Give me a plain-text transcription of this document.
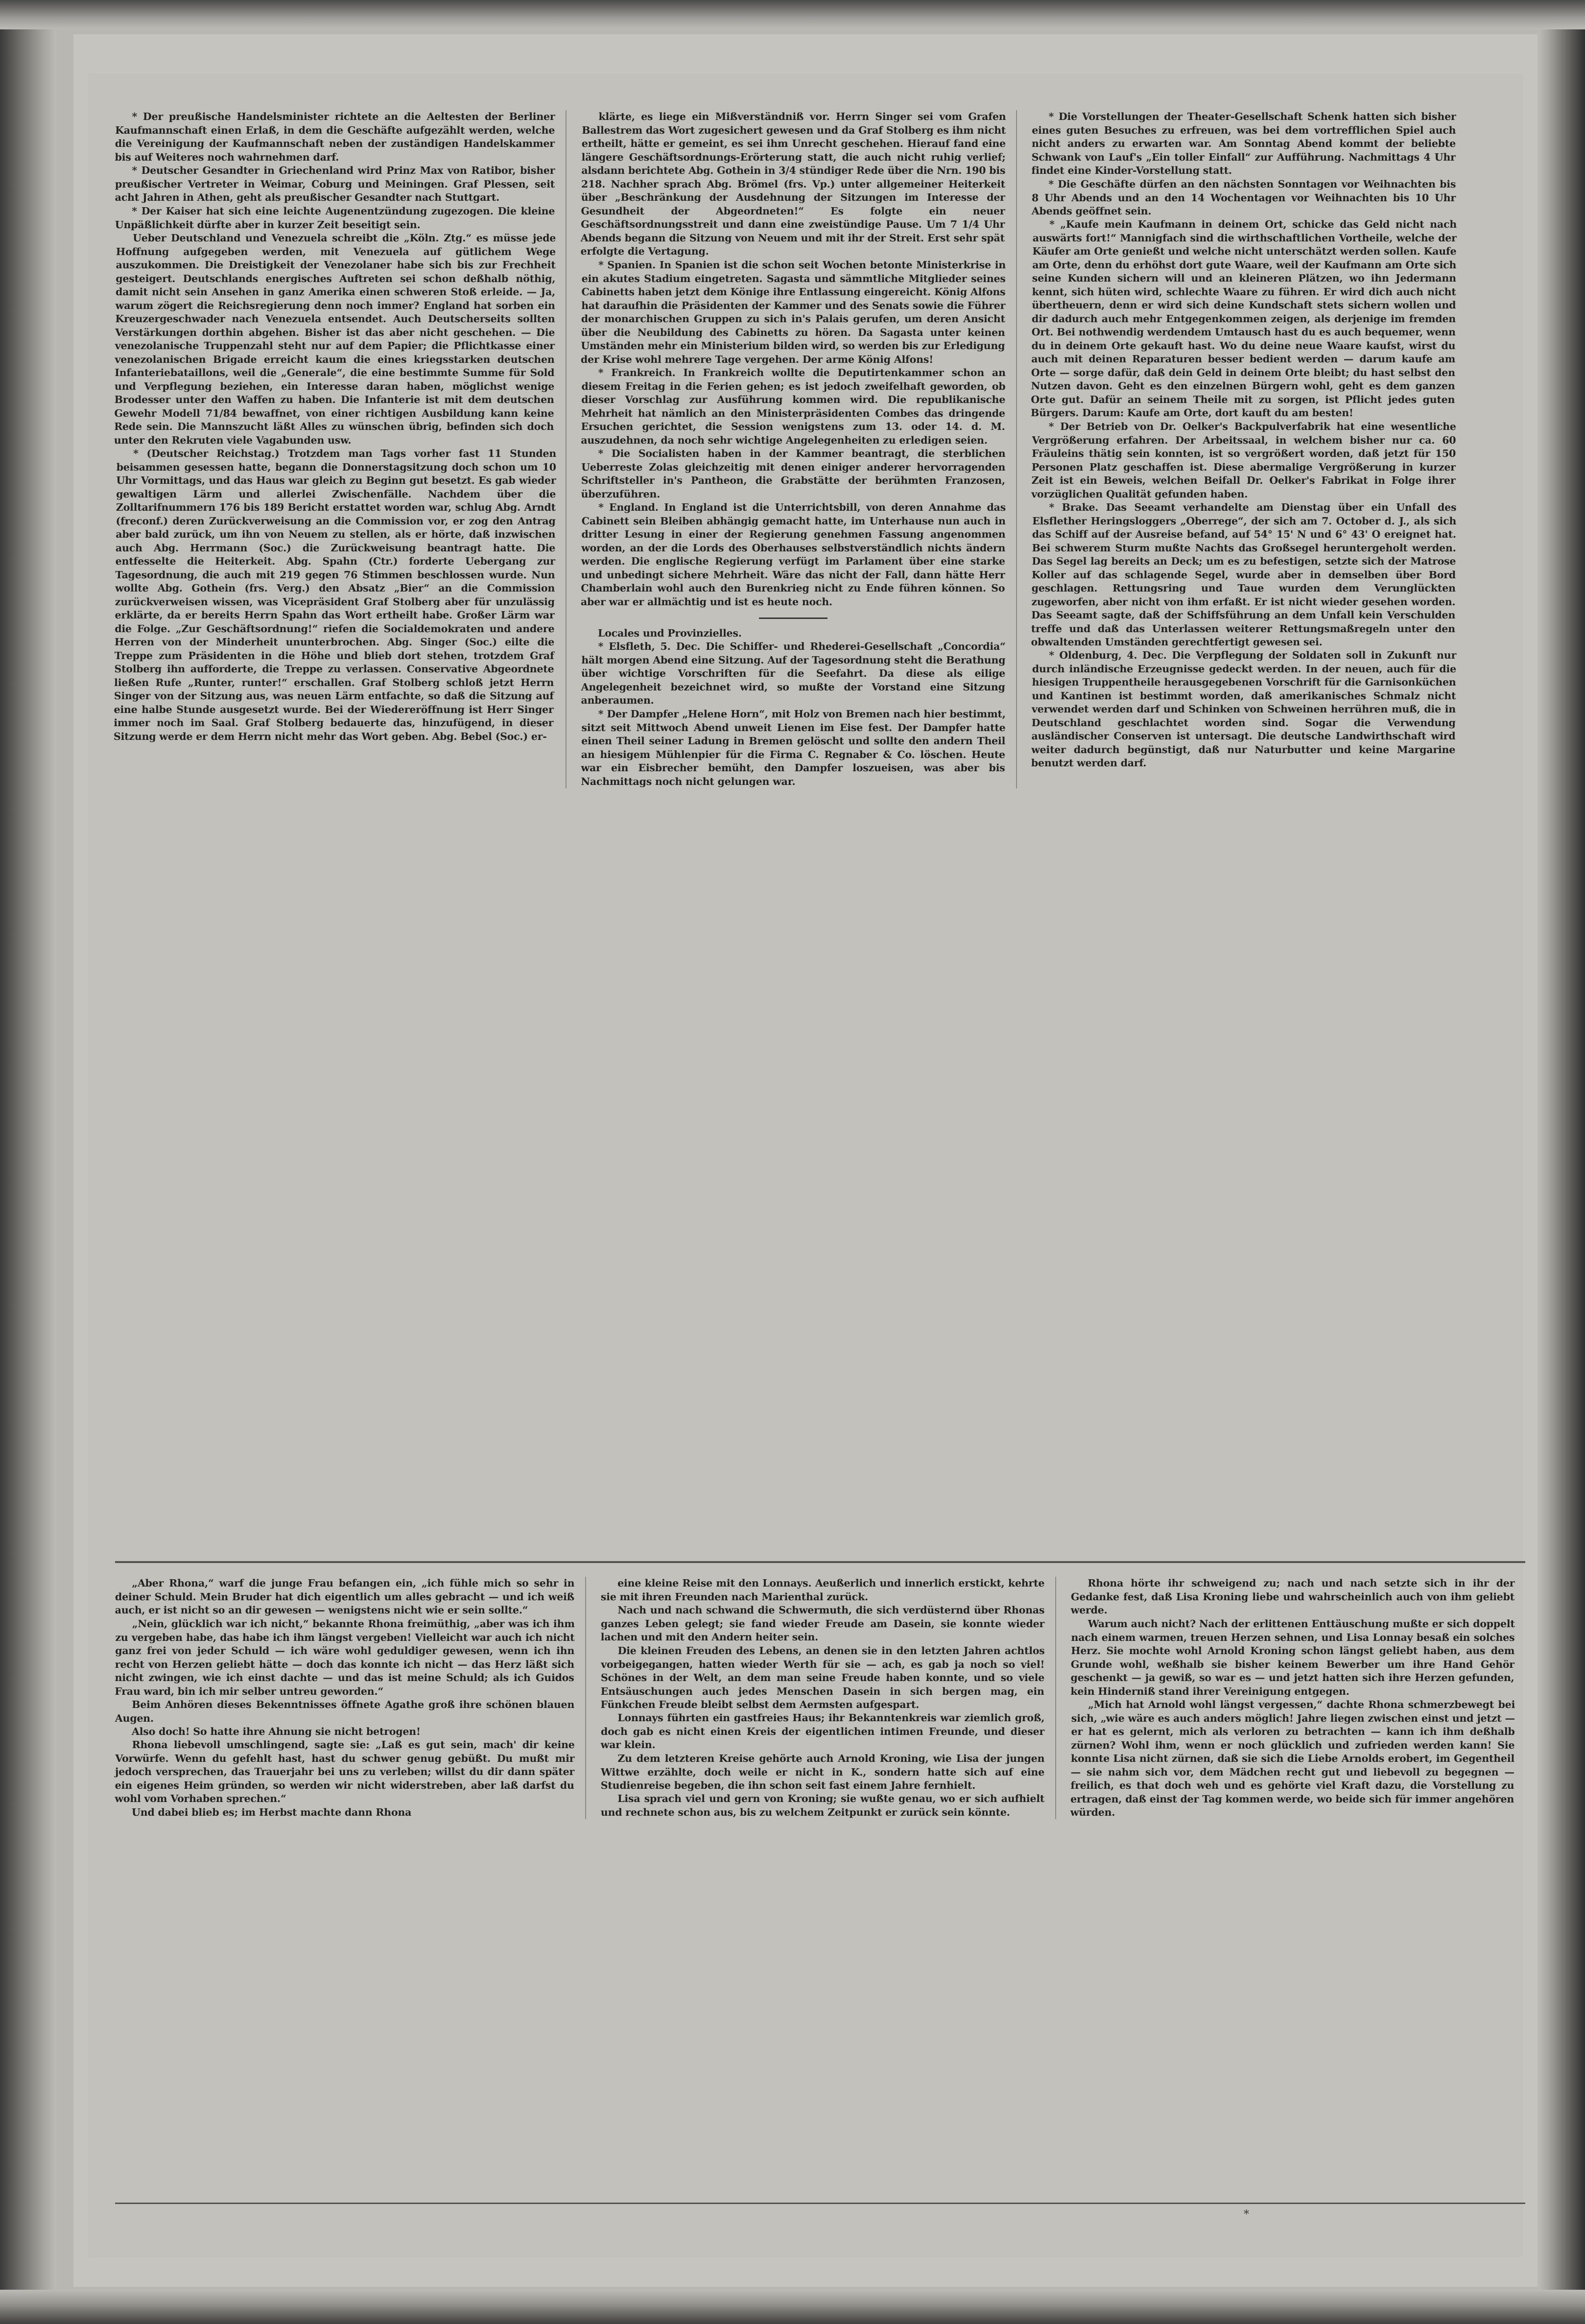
* Der preußische Handelsminister richtete an die Aeltesten der Berliner Kaufmannschaft einen Erlaß, in dem die Geschäfte aufgezählt werden, welche die Vereinigung der Kaufmannschaft neben der zuständigen Handelskammer bis auf Weiteres noch wahrnehmen darf.

* Deutscher Gesandter in Griechenland wird Prinz Max von Ratibor, bisher preußischer Vertreter in Weimar, Coburg und Meiningen. Graf Plessen, seit acht Jahren in Athen, geht als preußischer Gesandter nach Stuttgart.

* Der Kaiser hat sich eine leichte Augenentzündung zugezogen. Die kleine Unpäßlichkeit dürfte aber in kurzer Zeit beseitigt sein.

Ueber Deutschland und Venezuela schreibt die „Köln. Ztg.“ es müsse jede Hoffnung aufgegeben werden, mit Venezuela auf gütlichem Wege auszukommen. Die Dreistigkeit der Venezolaner habe sich bis zur Frechheit gesteigert. Deutschlands energisches Auftreten sei schon deßhalb nöthig, damit nicht sein Ansehen in ganz Amerika einen schweren Stoß erleide. — Ja, warum zögert die Reichsregierung denn noch immer? England hat sorben ein Kreuzergeschwader nach Venezuela entsendet. Auch Deutscherseits sollten Verstärkungen dorthin abgehen. Bisher ist das aber nicht geschehen. — Die venezolanische Truppenzahl steht nur auf dem Papier; die Pflichtkasse einer venezolanischen Brigade erreicht kaum die eines kriegsstarken deutschen Infanteriebataillons, weil die „Generale“, die eine bestimmte Summe für Sold und Verpflegung beziehen, ein Interesse daran haben, möglichst wenige Brodesser unter den Waffen zu haben. Die Infanterie ist mit dem deutschen Gewehr Modell 71/84 bewaffnet, von einer richtigen Ausbildung kann keine Rede sein. Die Mannszucht läßt Alles zu wünschen übrig, befinden sich doch unter den Rekruten viele Vagabunden usw.

* (Deutscher Reichstag.) Trotzdem man Tags vorher fast 11 Stunden beisammen gesessen hatte, begann die Donnerstagsitzung doch schon um 10 Uhr Vormittags, und das Haus war gleich zu Beginn gut besetzt. Es gab wieder gewaltigen Lärm und allerlei Zwischenfälle. Nachdem über die Zolltarifnummern 176 bis 189 Bericht erstattet worden war, schlug Abg. Arndt (freconf.) deren Zurückverweisung an die Commission vor, er zog den Antrag aber bald zurück, um ihn von Neuem zu stellen, als er hörte, daß inzwischen auch Abg. Herrmann (Soc.) die Zurückweisung beantragt hatte. Die entfesselte die Heiterkeit. Abg. Spahn (Ctr.) forderte Uebergang zur Tagesordnung, die auch mit 219 gegen 76 Stimmen beschlossen wurde. Nun wollte Abg. Gothein (frs. Verg.) den Absatz „Bier“ an die Commission zurückverweisen wissen, was Vicepräsident Graf Stolberg aber für unzulässig erklärte, da er bereits Herrn Spahn das Wort ertheilt habe. Großer Lärm war die Folge. „Zur Geschäftsordnung!“ riefen die Socialdemokraten und andere Herren von der Minderheit ununterbrochen. Abg. Singer (Soc.) eilte die Treppe zum Präsidenten in die Höhe und blieb dort stehen, trotzdem Graf Stolberg ihn aufforderte, die Treppe zu verlassen. Conservative Abgeordnete ließen Rufe „Runter, runter!“ erschallen. Graf Stolberg schloß jetzt Herrn Singer von der Sitzung aus, was neuen Lärm entfachte, so daß die Sitzung auf eine halbe Stunde ausgesetzt wurde. Bei der Wiedereröffnung ist Herr Singer immer noch im Saal. Graf Stolberg bedauerte das, hinzufügend, in dieser Sitzung werde er dem Herrn nicht mehr das Wort geben. Abg. Bebel (Soc.) er-

klärte, es liege ein Mißverständniß vor. Herrn Singer sei vom Grafen Ballestrem das Wort zugesichert gewesen und da Graf Stolberg es ihm nicht ertheilt, hätte er gemeint, es sei ihm Unrecht geschehen. Hierauf fand eine längere Geschäftsordnungs-Erörterung statt, die auch nicht ruhig verlief; alsdann berichtete Abg. Gothein in 3/4 stündiger Rede über die Nrn. 190 bis 218. Nachher sprach Abg. Brömel (frs. Vp.) unter allgemeiner Heiterkeit über „Beschränkung der Ausdehnung der Sitzungen im Interesse der Gesundheit der Abgeordneten!“ Es folgte ein neuer Geschäftsordnungsstreit und dann eine zweistündige Pause. Um 7 1/4 Uhr Abends begann die Sitzung von Neuem und mit ihr der Streit. Erst sehr spät erfolgte die Vertagung.

* Spanien. In Spanien ist die schon seit Wochen betonte Ministerkrise in ein akutes Stadium eingetreten. Sagasta und sämmtliche Mitglieder seines Cabinetts haben jetzt dem Könige ihre Entlassung eingereicht. König Alfons hat daraufhin die Präsidenten der Kammer und des Senats sowie die Führer der monarchischen Gruppen zu sich in's Palais gerufen, um deren Ansicht über die Neubildung des Cabinetts zu hören. Da Sagasta unter keinen Umständen mehr ein Ministerium bilden wird, so werden bis zur Erledigung der Krise wohl mehrere Tage vergehen. Der arme König Alfons!

* Frankreich. In Frankreich wollte die Deputirtenkammer schon an diesem Freitag in die Ferien gehen; es ist jedoch zweifelhaft geworden, ob dieser Vorschlag zur Ausführung kommen wird. Die republikanische Mehrheit hat nämlich an den Ministerpräsidenten Combes das dringende Ersuchen gerichtet, die Session wenigstens zum 13. oder 14. d. M. auszudehnen, da noch sehr wichtige Angelegenheiten zu erledigen seien.

* Die Socialisten haben in der Kammer beantragt, die sterblichen Ueberreste Zolas gleichzeitig mit denen einiger anderer hervorragenden Schriftsteller in's Pantheon, die Grabstätte der berühmten Franzosen, überzuführen.

* England. In England ist die Unterrichtsbill, von deren Annahme das Cabinett sein Bleiben abhängig gemacht hatte, im Unterhause nun auch in dritter Lesung in einer der Regierung genehmen Fassung angenommen worden, an der die Lords des Oberhauses selbstverständlich nichts ändern werden. Die englische Regierung verfügt im Parlament über eine starke und unbedingt sichere Mehrheit. Wäre das nicht der Fall, dann hätte Herr Chamberlain wohl auch den Burenkrieg nicht zu Ende führen können. So aber war er allmächtig und ist es heute noch.

Locales und Provinzielles.

* Elsfleth, 5. Dec. Die Schiffer- und Rhederei-Gesellschaft „Concordia“ hält morgen Abend eine Sitzung. Auf der Tagesordnung steht die Berathung über wichtige Vorschriften für die Seefahrt. Da diese als eilige Angelegenheit bezeichnet wird, so mußte der Vorstand eine Sitzung anberaumen.

* Der Dampfer „Helene Horn“, mit Holz von Bremen nach hier bestimmt, sitzt seit Mittwoch Abend unweit Lienen im Eise fest. Der Dampfer hatte einen Theil seiner Ladung in Bremen gelöscht und sollte den andern Theil an hiesigem Mühlenpier für die Firma C. Regnaber & Co. löschen. Heute war ein Eisbrecher bemüht, den Dampfer loszueisen, was aber bis Nachmittags noch nicht gelungen war.

* Die Vorstellungen der Theater-Gesellschaft Schenk hatten sich bisher eines guten Besuches zu erfreuen, was bei dem vortrefflichen Spiel auch nicht anders zu erwarten war. Am Sonntag Abend kommt der beliebte Schwank von Lauf's „Ein toller Einfall“ zur Aufführung. Nachmittags 4 Uhr findet eine Kinder-Vorstellung statt.

* Die Geschäfte dürfen an den nächsten Sonntagen vor Weihnachten bis 8 Uhr Abends und an den 14 Wochentagen vor Weihnachten bis 10 Uhr Abends geöffnet sein.

* „Kaufe mein Kaufmann in deinem Ort, schicke das Geld nicht nach auswärts fort!“ Mannigfach sind die wirthschaftlichen Vortheile, welche der Käufer am Orte genießt und welche nicht unterschätzt werden sollen. Kaufe am Orte, denn du erhöhst dort gute Waare, weil der Kaufmann am Orte sich seine Kunden sichern will und an kleineren Plätzen, wo ihn Jedermann kennt, sich hüten wird, schlechte Waare zu führen. Er wird dich auch nicht übertheuern, denn er wird sich deine Kundschaft stets sichern wollen und dir dadurch auch mehr Entgegenkommen zeigen, als derjenige im fremden Ort. Bei nothwendig werdendem Umtausch hast du es auch bequemer, wenn du in deinem Orte gekauft hast. Wo du deine neue Waare kaufst, wirst du auch mit deinen Reparaturen besser bedient werden — darum kaufe am Orte — sorge dafür, daß dein Geld in deinem Orte bleibt; du hast selbst den Nutzen davon. Geht es den einzelnen Bürgern wohl, geht es dem ganzen Orte gut. Dafür an seinem Theile mit zu sorgen, ist Pflicht jedes guten Bürgers. Darum: Kaufe am Orte, dort kauft du am besten!

* Der Betrieb von Dr. Oelker's Backpulverfabrik hat eine wesentliche Vergrößerung erfahren. Der Arbeitssaal, in welchem bisher nur ca. 60 Fräuleins thätig sein konnten, ist so vergrößert worden, daß jetzt für 150 Personen Platz geschaffen ist. Diese abermalige Vergrößerung in kurzer Zeit ist ein Beweis, welchen Beifall Dr. Oelker's Fabrikat in Folge ihrer vorzüglichen Qualität gefunden haben.

* Brake. Das Seeamt verhandelte am Dienstag über ein Unfall des Elsflether Heringsloggers „Oberrege“, der sich am 7. October d. J., als sich das Schiff auf der Ausreise befand, auf 54° 15' N und 6° 43' O ereignet hat. Bei schwerem Sturm mußte Nachts das Großsegel heruntergeholt werden. Das Segel lag bereits an Deck; um es zu befestigen, setzte sich der Matrose Koller auf das schlagende Segel, wurde aber in demselben über Bord geschlagen. Rettungsring und Taue wurden dem Verunglückten zugeworfen, aber nicht von ihm erfaßt. Er ist nicht wieder gesehen worden. Das Seeamt sagte, daß der Schiffsführung an dem Unfall kein Verschulden treffe und daß das Unterlassen weiterer Rettungsmaßregeln unter den obwaltenden Umständen gerechtfertigt gewesen sei.

* Oldenburg, 4. Dec. Die Verpflegung der Soldaten soll in Zukunft nur durch inländische Erzeugnisse gedeckt werden. In der neuen, auch für die hiesigen Truppentheile herausgegebenen Vorschrift für die Garnisonküchen und Kantinen ist bestimmt worden, daß amerikanisches Schmalz nicht verwendet werden darf und Schinken von Schweinen herrühren muß, die in Deutschland geschlachtet worden sind. Sogar die Verwendung ausländischer Conserven ist untersagt. Die deutsche Landwirthschaft wird weiter dadurch begünstigt, daß nur Naturbutter und keine Margarine benutzt werden darf.

„Aber Rhona,“ warf die junge Frau befangen ein, „ich fühle mich so sehr in deiner Schuld. Mein Bruder hat dich eigentlich um alles gebracht — und ich weiß auch, er ist nicht so an dir gewesen — wenigstens nicht wie er sein sollte.“

„Nein, glücklich war ich nicht,“ bekannte Rhona freimüthig, „aber was ich ihm zu vergeben habe, das habe ich ihm längst vergeben! Vielleicht war auch ich nicht ganz frei von jeder Schuld — ich wäre wohl geduldiger gewesen, wenn ich ihn recht von Herzen geliebt hätte — doch das konnte ich nicht — das Herz läßt sich nicht zwingen, wie ich einst dachte — und das ist meine Schuld; als ich Guidos Frau ward, bin ich mir selber untreu geworden.“

Beim Anhören dieses Bekenntnisses öffnete Agathe groß ihre schönen blauen Augen.

Also doch! So hatte ihre Ahnung sie nicht betrogen!

Rhona liebevoll umschlingend, sagte sie: „Laß es gut sein, mach' dir keine Vorwürfe. Wenn du gefehlt hast, hast du schwer genug gebüßt. Du mußt mir jedoch versprechen, das Trauerjahr bei uns zu verleben; willst du dir dann später ein eigenes Heim gründen, so werden wir nicht widerstreben, aber laß darfst du wohl vom Vorhaben sprechen.“

Und dabei blieb es; im Herbst machte dann Rhona

eine kleine Reise mit den Lonnays. Aeußerlich und innerlich erstickt, kehrte sie mit ihren Freunden nach Marienthal zurück.

Nach und nach schwand die Schwermuth, die sich verdüsternd über Rhonas ganzes Leben gelegt; sie fand wieder Freude am Dasein, sie konnte wieder lachen und mit den Andern heiter sein.

Die kleinen Freuden des Lebens, an denen sie in den letzten Jahren achtlos vorbeigegangen, hatten wieder Werth für sie — ach, es gab ja noch so viel! Schönes in der Welt, an dem man seine Freude haben konnte, und so viele Entsäuschungen auch jedes Menschen Dasein in sich bergen mag, ein Fünkchen Freude bleibt selbst dem Aermsten aufgespart.

Lonnays führten ein gastfreies Haus; ihr Bekanntenkreis war ziemlich groß, doch gab es nicht einen Kreis der eigentlichen intimen Freunde, und dieser war klein.

Zu dem letzteren Kreise gehörte auch Arnold Kroning, wie Lisa der jungen Wittwe erzählte, doch weile er nicht in K., sondern hatte sich auf eine Studienreise begeben, die ihn schon seit fast einem Jahre fernhielt.

Lisa sprach viel und gern von Kroning; sie wußte genau, wo er sich aufhielt und rechnete schon aus, bis zu welchem Zeitpunkt er zurück sein könnte.

Rhona hörte ihr schweigend zu; nach und nach setzte sich in ihr der Gedanke fest, daß Lisa Kroning liebe und wahrscheinlich auch von ihm geliebt werde.

Warum auch nicht? Nach der erlittenen Enttäuschung mußte er sich doppelt nach einem warmen, treuen Herzen sehnen, und Lisa Lonnay besaß ein solches Herz. Sie mochte wohl Arnold Kroning schon längst geliebt haben, aus dem Grunde wohl, weßhalb sie bisher keinem Bewerber um ihre Hand Gehör geschenkt — ja gewiß, so war es — und jetzt hatten sich ihre Herzen gefunden, kein Hinderniß stand ihrer Vereinigung entgegen.

„Mich hat Arnold wohl längst vergessen,“ dachte Rhona schmerzbewegt bei sich, „wie wäre es auch anders möglich! Jahre liegen zwischen einst und jetzt — er hat es gelernt, mich als verloren zu betrachten — kann ich ihm deßhalb zürnen? Wohl ihm, wenn er noch glücklich und zufrieden werden kann! Sie konnte Lisa nicht zürnen, daß sie sich die Liebe Arnolds erobert, im Gegentheil — sie nahm sich vor, dem Mädchen recht gut und liebevoll zu begegnen — freilich, es that doch weh und es gehörte viel Kraft dazu, die Vorstellung zu ertragen, daß einst der Tag kommen werde, wo beide sich für immer angehören würden.

*
